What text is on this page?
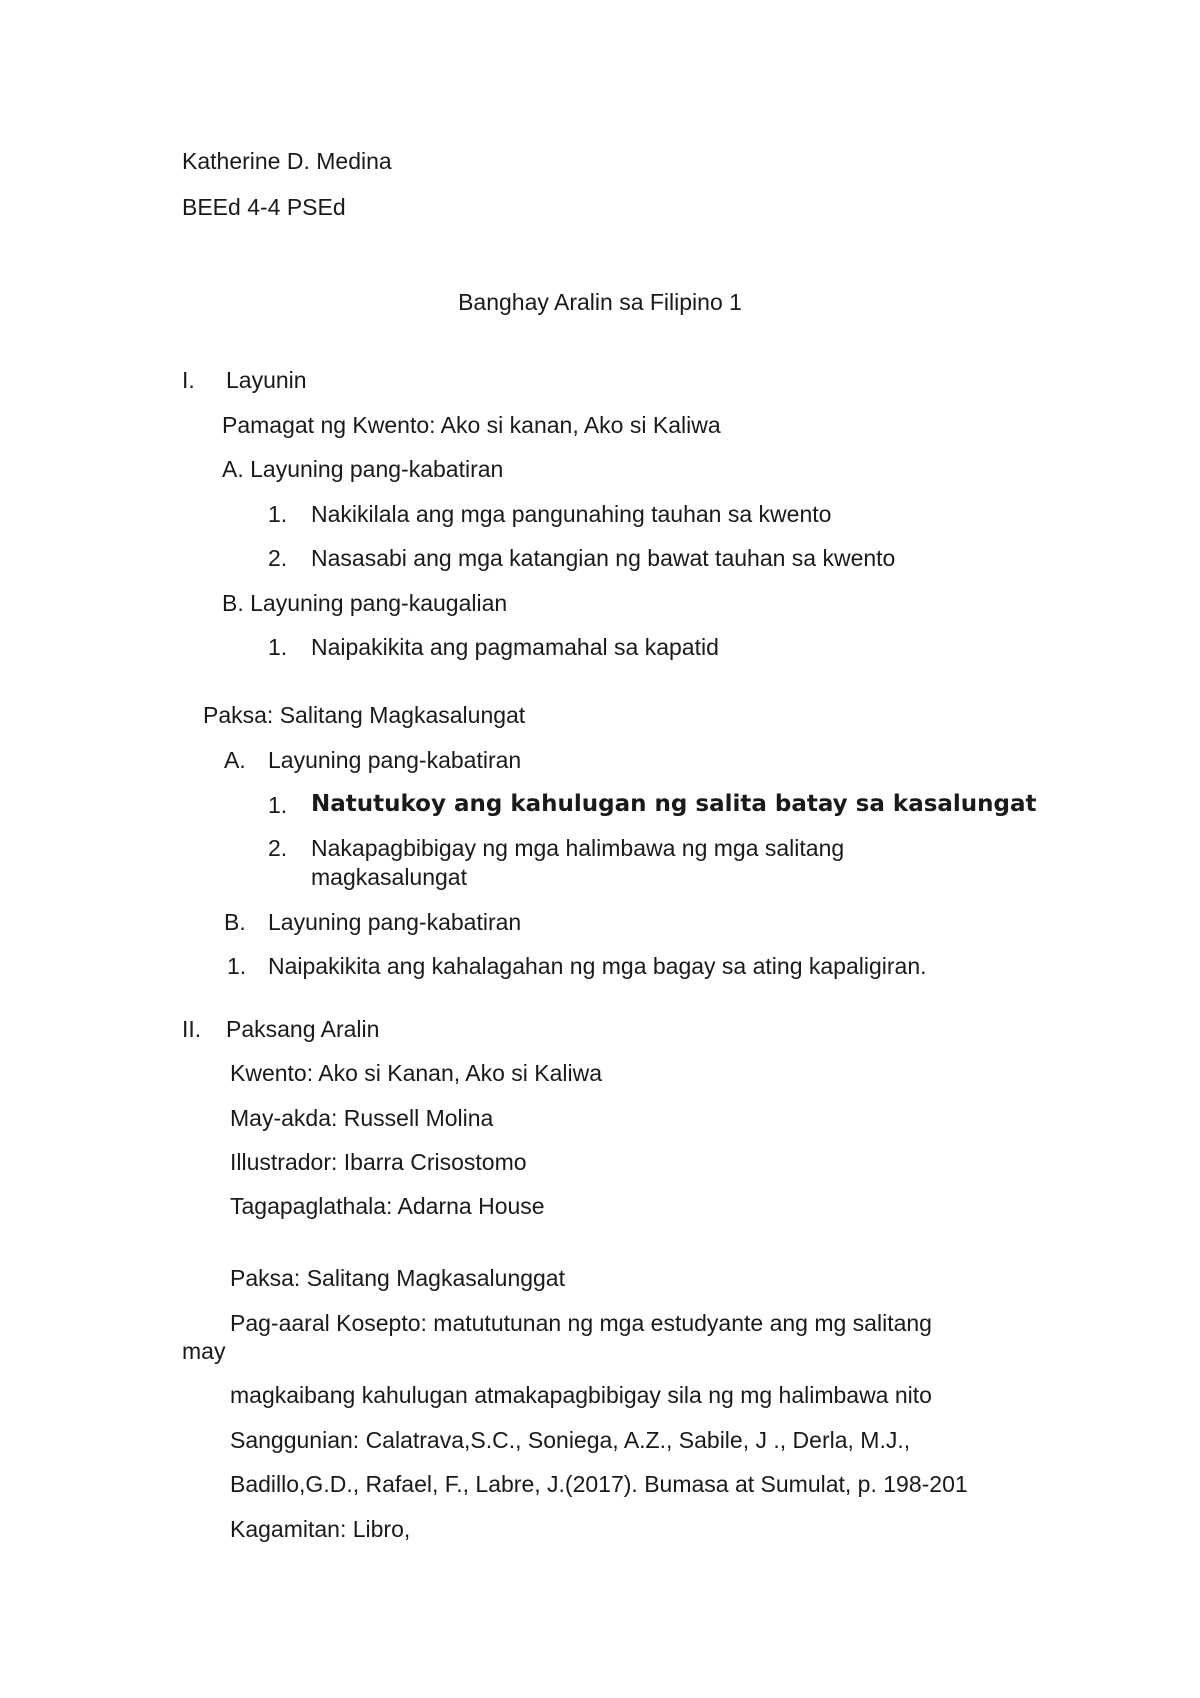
Katherine D. Medina
BEEd 4-4 PSEd
Banghay Aralin sa Filipino 1
I. Layunin
Pamagat ng Kwento: Ako si kanan, Ako si Kaliwa
A. Layuning pang-kabatiran
1. Nakikilala ang mga pangunahing tauhan sa kwento
2. Nasasabi ang mga katangian ng bawat tauhan sa kwento
B. Layuning pang-kaugalian
1. Naipakikita ang pagmamahal sa kapatid
Paksa: Salitang Magkasalungat
A. Layuning pang-kabatiran
1. Natutukoy ang kahulugan ng salita batay sa kasalungat
2. Nakapagbibigay ng mga halimbawa ng mga salitang
magkasalungat
B. Layuning pang-kabatiran
1. Naipakikita ang kahalagahan ng mga bagay sa ating kapaligiran.
II. Paksang Aralin
Kwento: Ako si Kanan, Ako si Kaliwa
May-akda: Russell Molina
Illustrador: Ibarra Crisostomo
Tagapaglathala: Adarna House
Paksa: Salitang Magkasalunggat
Pag-aaral Kosepto: matututunan ng mga estudyante ang mg salitang
may
magkaibang kahulugan atmakapagbibigay sila ng mg halimbawa nito
Sanggunian: Calatrava,S.C., Soniega, A.Z., Sabile, J ., Derla, M.J.,
Badillo,G.D., Rafael, F., Labre, J.(2017). Bumasa at Sumulat, p. 198-201
Kagamitan: Libro,
